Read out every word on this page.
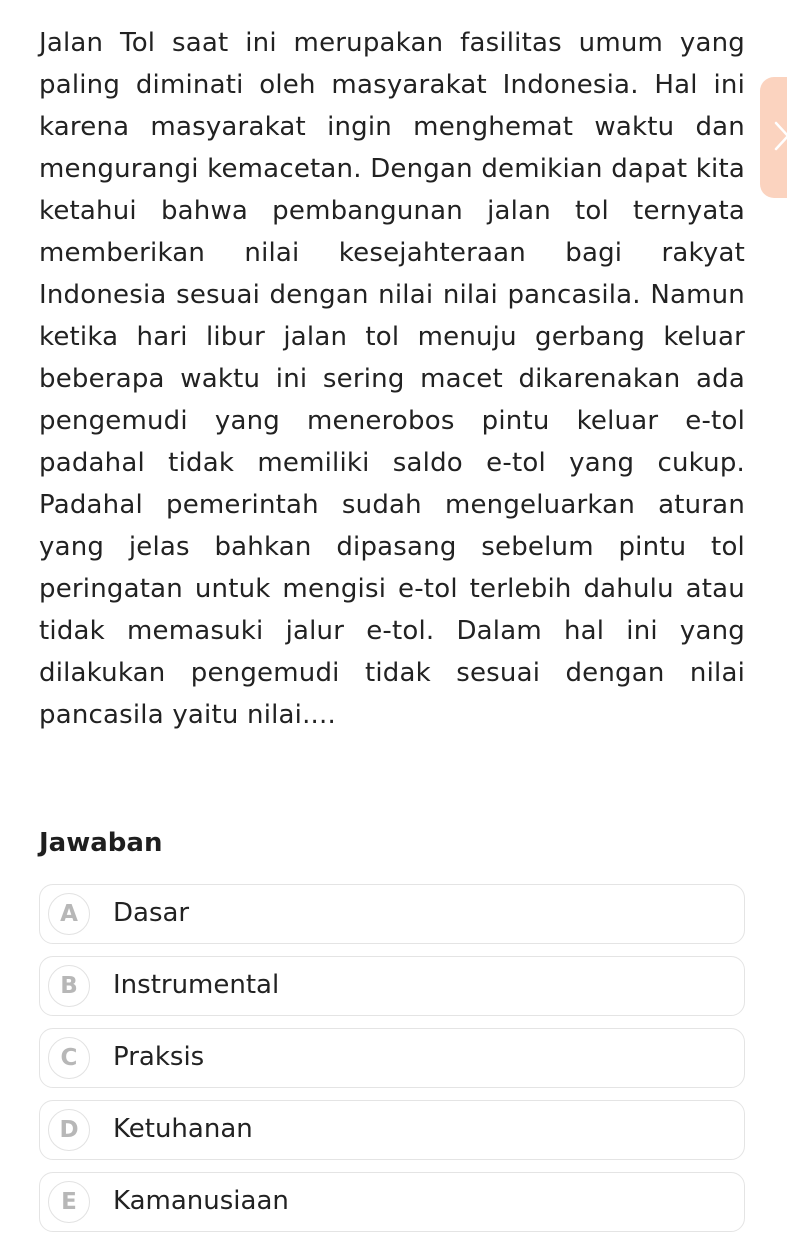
Jalan Tol saat ini merupakan fasilitas umum yang paling diminati oleh masyarakat Indonesia. Hal ini karena masyarakat ingin menghemat waktu dan mengurangi kemacetan. Dengan demikian dapat kita ketahui bahwa pembangunan jalan tol ternyata memberikan nilai kesejahteraan bagi rakyat Indonesia sesuai dengan nilai nilai pancasila. Namun ketika hari libur jalan tol menuju gerbang keluar beberapa waktu ini sering macet dikarenakan ada pengemudi yang menerobos pintu keluar e-tol padahal tidak memiliki saldo e-tol yang cukup. Padahal pemerintah sudah mengeluarkan aturan yang jelas bahkan dipasang sebelum pintu tol peringatan untuk mengisi e-tol terlebih dahulu atau tidak memasuki jalur e-tol. Dalam hal ini yang dilakukan pengemudi tidak sesuai dengan nilai pancasila yaitu nilai....

Jawaban
A	Dasar
B	Instrumental
C	Praksis
D	Ketuhanan
E	Kamanusiaan
